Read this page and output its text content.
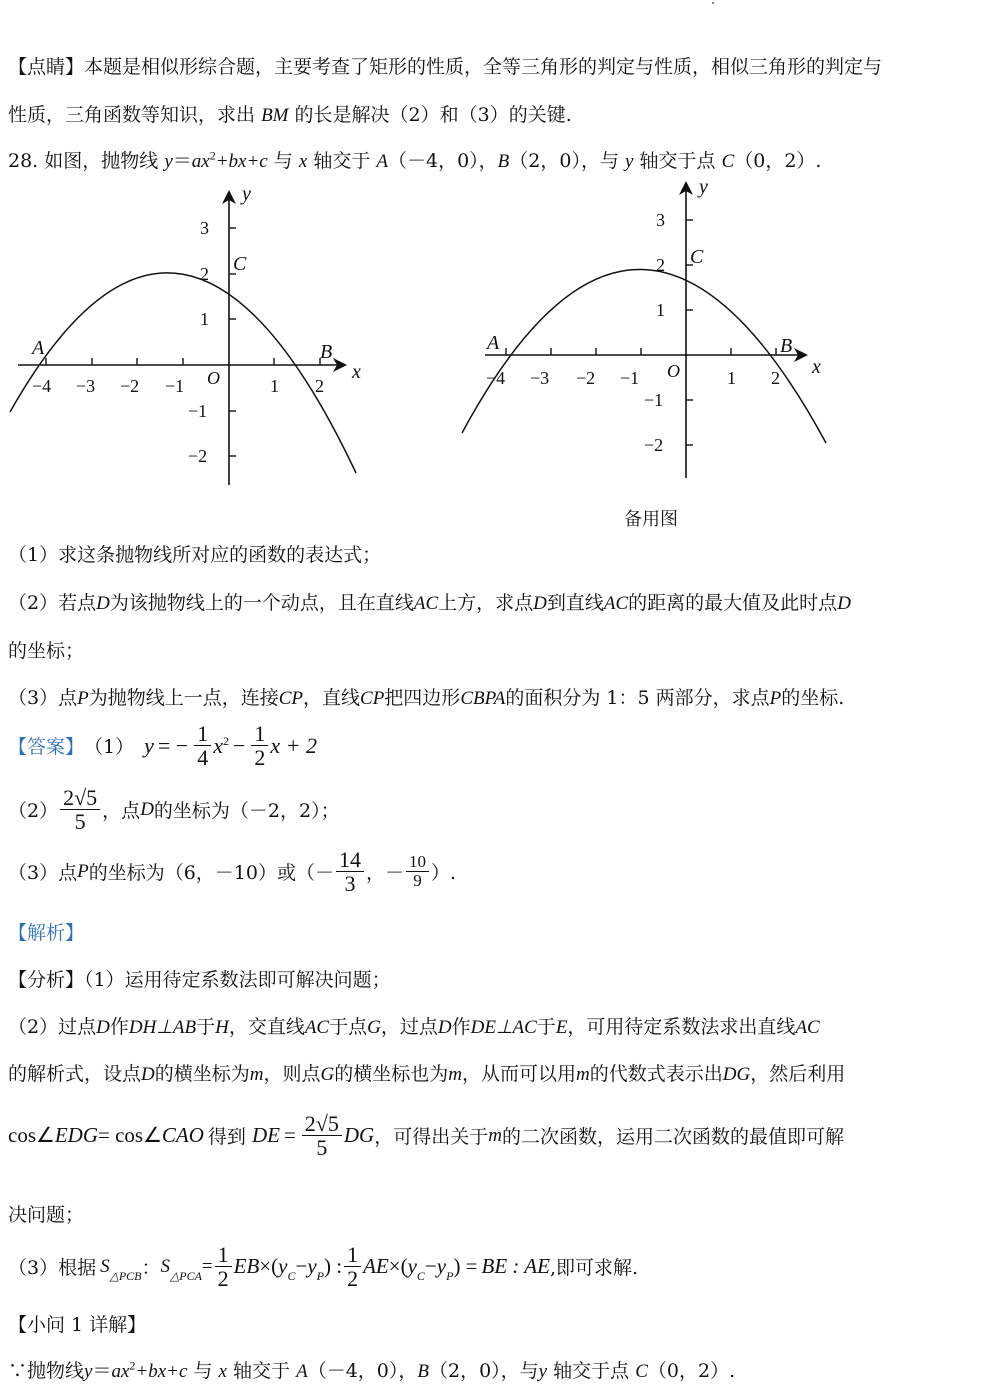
【点睛】本题是相似形综合题，主要考查了矩形的性质，全等三角形的判定与性质，相似三角形的判定与
性质，三角函数等知识，求出 BM 的长是解决（2）和（3）的关键.
28. 如图，抛物线 $y=ax^2+bx+c$ 与 x 轴交于 A（－4，0），B（2，0），与 y 轴交于点 C（0，2）.
−4 −3 −2 −1	1 2
3
2
1
−1
−2
O	x
y
A	B
C
−4 −3 −2 −1	1 2
3
2
1
−1
−2
O	x
y
A	B
C
备用图
（1）求这条抛物线所对应的函数的表达式；
（2）若点D为该抛物线上的一个动点，且在直线AC上方，求点D到直线AC的距离的最大值及此时点D
的坐标；
（3）点P为抛物线上一点，连接CP，直线CP把四边形CBPA的面积分为 1：5 两部分，求点P的坐标.
【答案】 （1） y = − $\frac{1}{4} x^2 - \frac{1}{2}$ x + 2
$(2) \frac{2√5}{5}$ ，点 D 的坐标为（－2，2）；
（3）点 P 的坐标为（6，－10）或（－ $\frac{14}{3}$ ，－ $\frac{10}{9}$ ）.
【解析】
【分析】（1）运用待定系数法即可解决问题；
（2）过点D作DH⊥AB于H，交直线AC于点G，过点D作DE⊥AC于E，可用待定系数法求出直线AC
的解析式，设点D的横坐标为m，则点G的横坐标也为m，从而可以用m的代数式表示出DG，然后利用
cos∠ EDG = cos∠ CAO 得到 DE = $\frac{2√5}{5}$ DG ，可得出关于 m 的二次函数，运用二次函数的最值即可解
决问题；
（3）根据 $S_{\triangle PCB}$ ： $S_{\triangle PCA} = \frac{1}{2}$ EB ×( $y_C - y_P$ ) : $\frac{1}{2}$ AE ×( $y_C - y_P$ ) = BE : AE ,即可求解.
【小问 1 详解】
∵抛物线$y=ax^2+bx+c$ 与 x 轴交于 A（－4，0），B（2，0），与y 轴交于点 C（0，2）.
